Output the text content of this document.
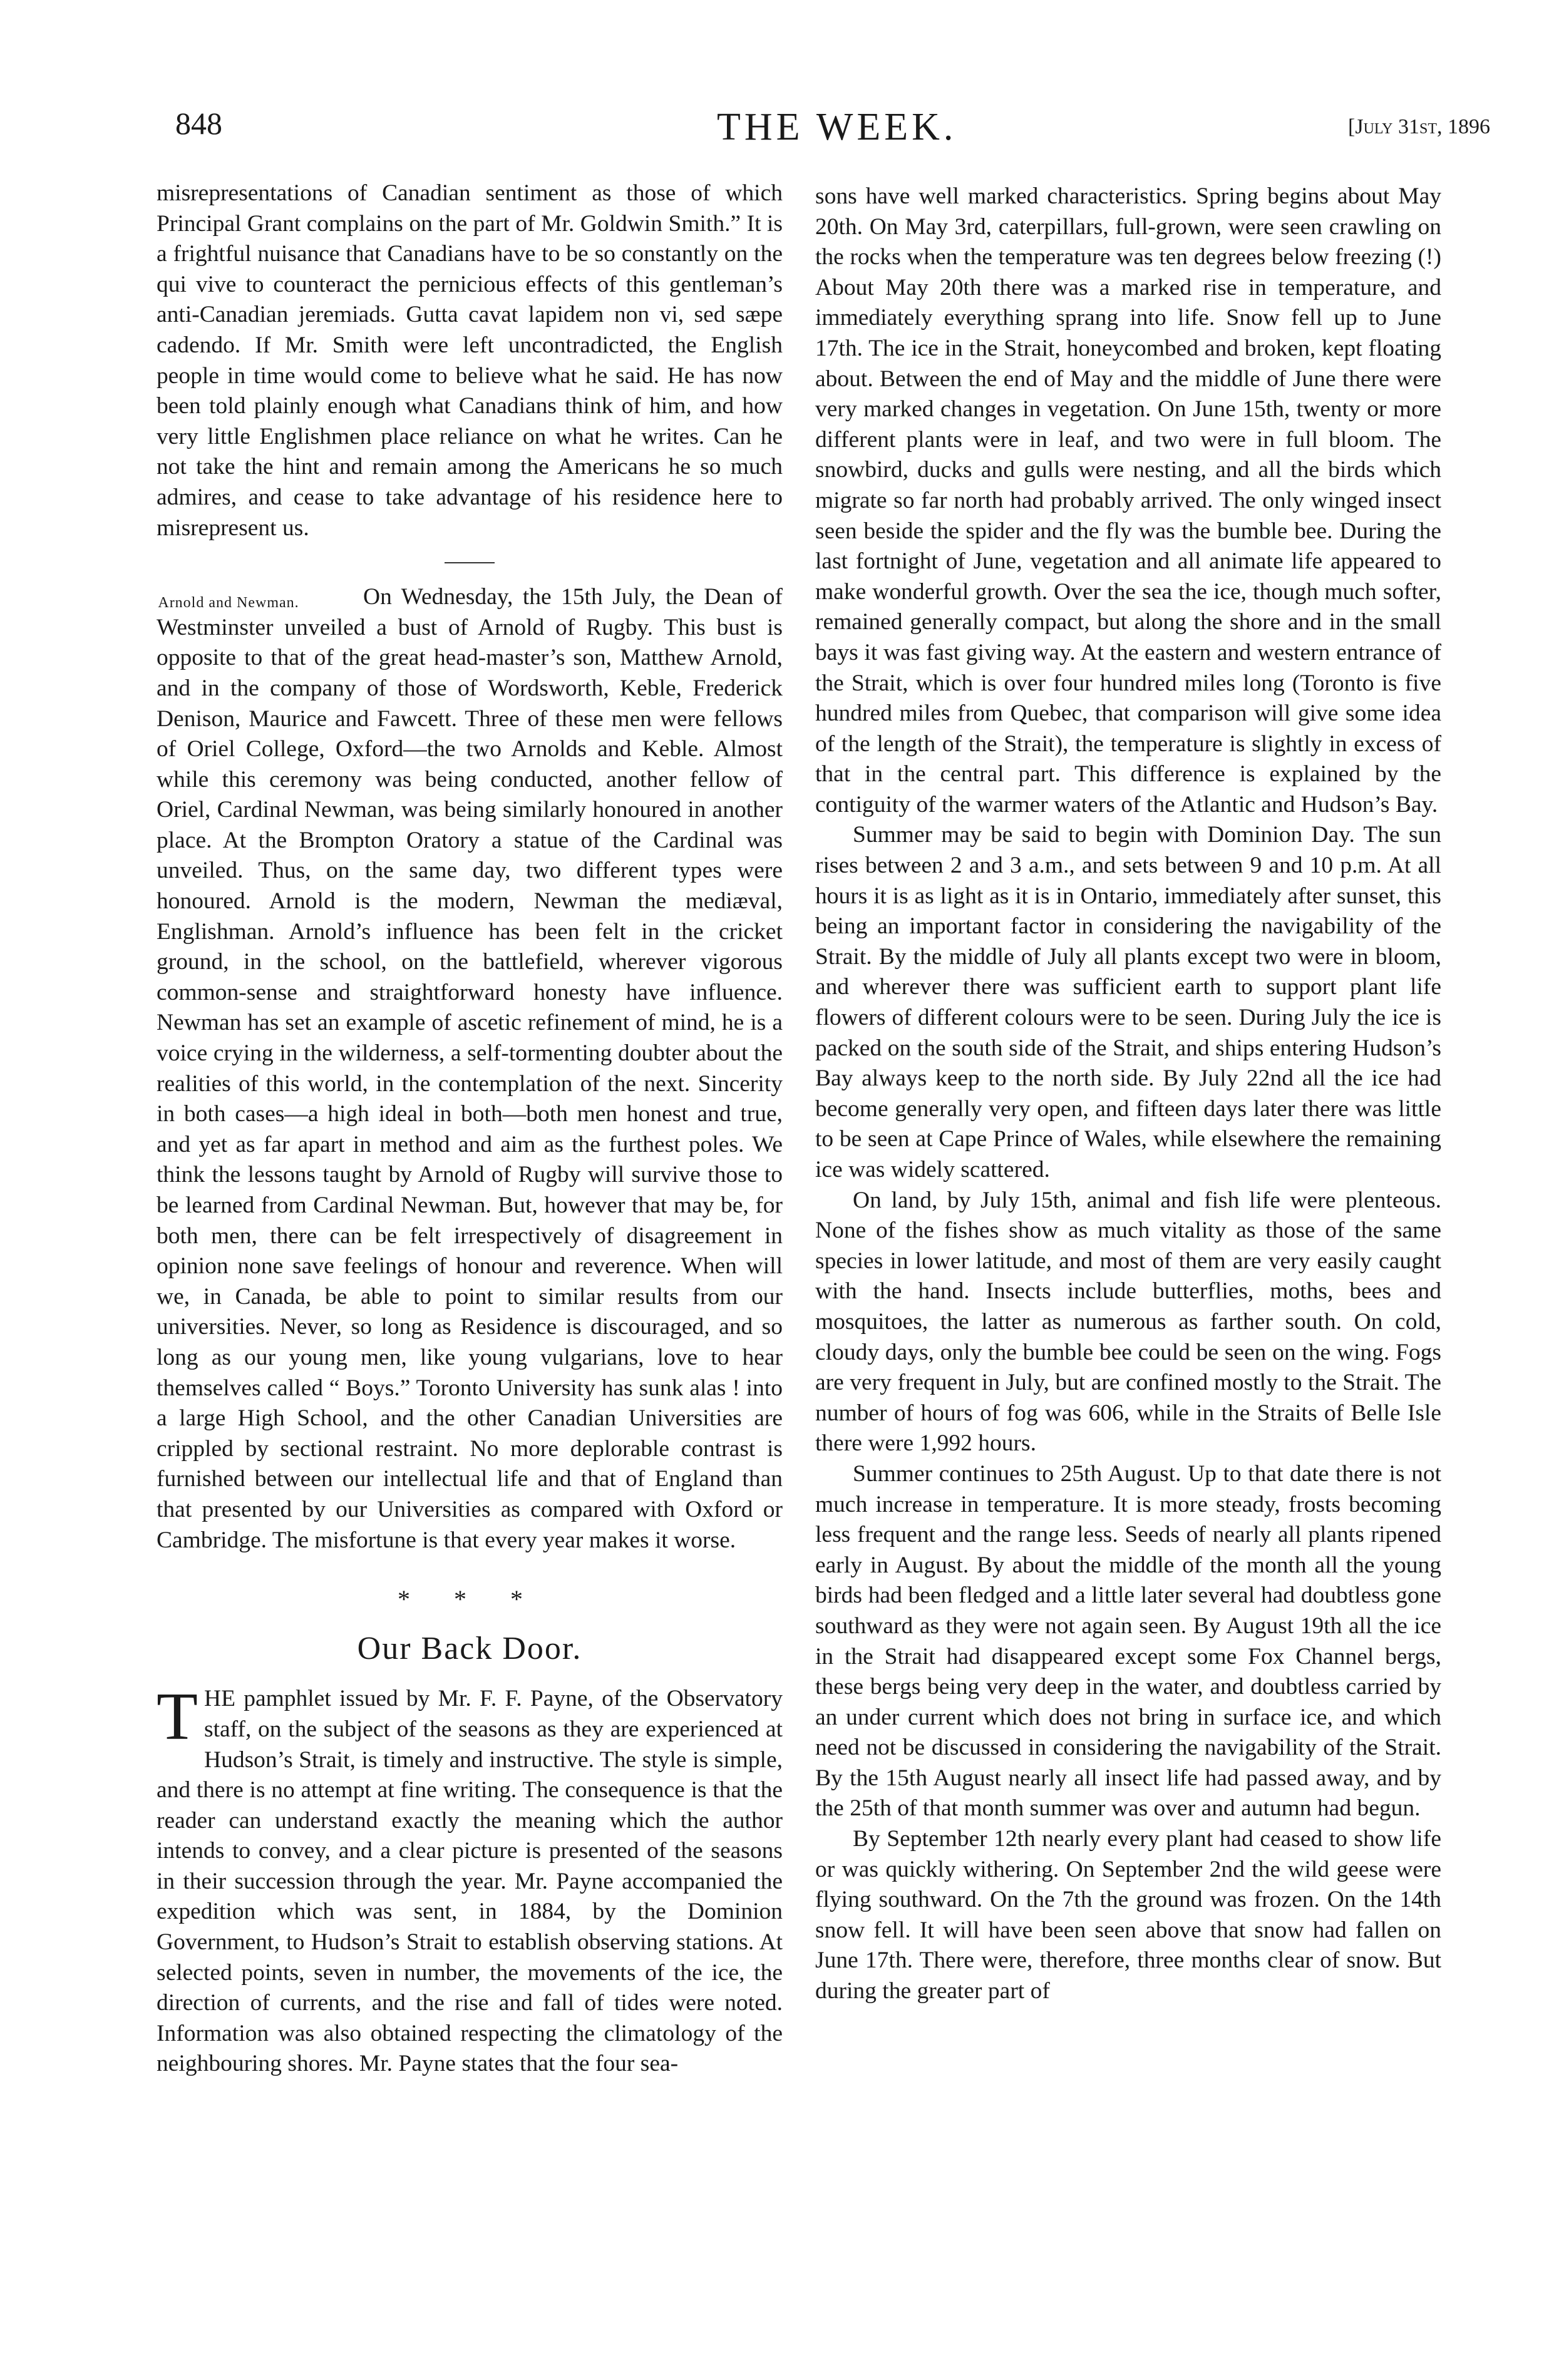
848	THE WEEK.	[July 31st, 1896

misrepresentations of Canadian sentiment as those of which Principal Grant complains on the part of Mr. Goldwin Smith.” It is a frightful nuisance that Canadians have to be so constantly on the qui vive to counteract the pernicious effects of this gentleman’s anti-Canadian jeremiads. Gutta cavat lapidem non vi, sed sæpe cadendo. If Mr. Smith were left uncontradicted, the English people in time would come to believe what he said. He has now been told plainly enough what Canadians think of him, and how very little Englishmen place reliance on what he writes. Can he not take the hint and remain among the Americans he so much admires, and cease to take advantage of his residence here to misrepresent us.

Arnold and Newman.	On Wednesday, the 15th July, the Dean of Westminster unveiled a bust of Arnold of Rugby. This bust is opposite to that of the great head-master’s son, Matthew Arnold, and in the company of those of Wordsworth, Keble, Frederick Denison, Maurice and Fawcett. Three of these men were fellows of Oriel College, Oxford—the two Arnolds and Keble. Almost while this ceremony was being conducted, another fellow of Oriel, Cardinal Newman, was being similarly honoured in another place. At the Brompton Oratory a statue of the Cardinal was unveiled. Thus, on the same day, two different types were honoured. Arnold is the modern, Newman the mediæval, Englishman. Arnold’s influence has been felt in the cricket ground, in the school, on the battlefield, wherever vigorous common-sense and straightforward honesty have influence. Newman has set an example of ascetic refinement of mind, he is a voice crying in the wilderness, a self-tormenting doubter about the realities of this world, in the contemplation of the next. Sincerity in both cases—a high ideal in both—both men honest and true, and yet as far apart in method and aim as the furthest poles. We think the lessons taught by Arnold of Rugby will survive those to be learned from Cardinal Newman. But, however that may be, for both men, there can be felt irrespectively of disagreement in opinion none save feelings of honour and reverence. When will we, in Canada, be able to point to similar results from our universities. Never, so long as Residence is discouraged, and so long as our young men, like young vulgarians, love to hear themselves called “ Boys.” Toronto University has sunk alas ! into a large High School, and the other Canadian Universities are crippled by sectional restraint. No more deplorable contrast is furnished between our intellectual life and that of England than that presented by our Universities as compared with Oxford or Cambridge. The misfortune is that every year makes it worse.

* * *
Our Back Door.
T HE pamphlet issued by Mr. F. F. Payne, of the Observatory staff, on the subject of the seasons as they are experienced at Hudson’s Strait, is timely and instructive. The style is simple, and there is no attempt at fine writing. The consequence is that the reader can understand exactly the meaning which the author intends to convey, and a clear picture is presented of the seasons in their succession through the year. Mr. Payne accompanied the expedition which was sent, in 1884, by the Dominion Government, to Hudson’s Strait to establish observing stations. At selected points, seven in number, the movements of the ice, the direction of currents, and the rise and fall of tides were noted. Information was also obtained respecting the climatology of the neighbouring shores. Mr. Payne states that the four sea-

sons have well marked characteristics. Spring begins about May 20th. On May 3rd, caterpillars, full-grown, were seen crawling on the rocks when the temperature was ten degrees below freezing (!) About May 20th there was a marked rise in temperature, and immediately everything sprang into life. Snow fell up to June 17th. The ice in the Strait, honeycombed and broken, kept floating about. Between the end of May and the middle of June there were very marked changes in vegetation. On June 15th, twenty or more different plants were in leaf, and two were in full bloom. The snowbird, ducks and gulls were nesting, and all the birds which migrate so far north had probably arrived. The only winged insect seen beside the spider and the fly was the bumble bee. During the last fortnight of June, vegetation and all animate life appeared to make wonderful growth. Over the sea the ice, though much softer, remained generally compact, but along the shore and in the small bays it was fast giving way. At the eastern and western entrance of the Strait, which is over four hundred miles long (Toronto is five hundred miles from Quebec, that comparison will give some idea of the length of the Strait), the temperature is slightly in excess of that in the central part. This difference is explained by the contiguity of the warmer waters of the Atlantic and Hudson’s Bay.

Summer may be said to begin with Dominion Day. The sun rises between 2 and 3 a.m., and sets between 9 and 10 p.m. At all hours it is as light as it is in Ontario, immediately after sunset, this being an important factor in considering the navigability of the Strait. By the middle of July all plants except two were in bloom, and wherever there was sufficient earth to support plant life flowers of different colours were to be seen. During July the ice is packed on the south side of the Strait, and ships entering Hudson’s Bay always keep to the north side. By July 22nd all the ice had become generally very open, and fifteen days later there was little to be seen at Cape Prince of Wales, while elsewhere the remaining ice was widely scattered.

On land, by July 15th, animal and fish life were plenteous. None of the fishes show as much vitality as those of the same species in lower latitude, and most of them are very easily caught with the hand. Insects include butterflies, moths, bees and mosquitoes, the latter as numerous as farther south. On cold, cloudy days, only the bumble bee could be seen on the wing. Fogs are very frequent in July, but are confined mostly to the Strait. The number of hours of fog was 606, while in the Straits of Belle Isle there were 1,992 hours.

Summer continues to 25th August. Up to that date there is not much increase in temperature. It is more steady, frosts becoming less frequent and the range less. Seeds of nearly all plants ripened early in August. By about the middle of the month all the young birds had been fledged and a little later several had doubtless gone southward as they were not again seen. By August 19th all the ice in the Strait had disappeared except some Fox Channel bergs, these bergs being very deep in the water, and doubtless carried by an under current which does not bring in surface ice, and which need not be discussed in considering the navigability of the Strait. By the 15th August nearly all insect life had passed away, and by the 25th of that month summer was over and autumn had begun.

By September 12th nearly every plant had ceased to show life or was quickly withering. On September 2nd the wild geese were flying southward. On the 7th the ground was frozen. On the 14th snow fell. It will have been seen above that snow had fallen on June 17th. There were, therefore, three months clear of snow. But during the greater part of
